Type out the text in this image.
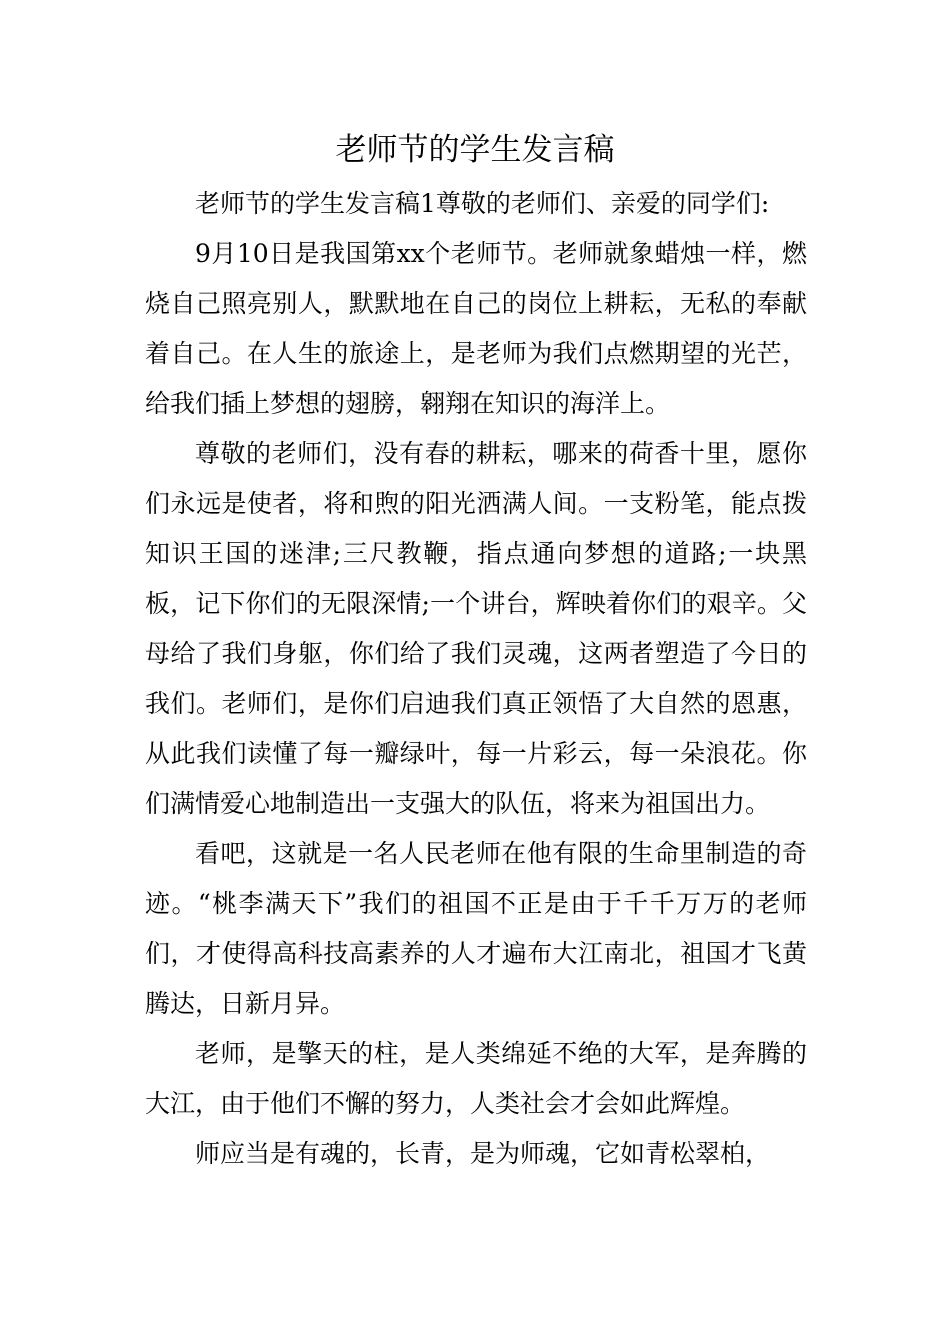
老师节的学生发言稿

老师节的学生发言稿1尊敬的老师们、亲爱的同学们:

9月10日是我国第xx个老师节。老师就象蜡烛一样，燃烧自己照亮别人，默默地在自己的岗位上耕耘，无私的奉献着自己。在人生的旅途上，是老师为我们点燃期望的光芒，给我们插上梦想的翅膀，翱翔在知识的海洋上。

尊敬的老师们，没有春的耕耘，哪来的荷香十里，愿你们永远是使者，将和煦的阳光洒满人间。一支粉笔，能点拨知识王国的迷津;三尺教鞭，指点通向梦想的道路;一块黑板，记下你们的无限深情;一个讲台，辉映着你们的艰辛。父母给了我们身躯，你们给了我们灵魂，这两者塑造了今日的我们。老师们，是你们启迪我们真正领悟了大自然的恩惠，从此我们读懂了每一瓣绿叶，每一片彩云，每一朵浪花。你们满情爱心地制造出一支强大的队伍，将来为祖国出力。

看吧，这就是一名人民老师在他有限的生命里制造的奇迹。“桃李满天下”我们的祖国不正是由于千千万万的老师们，才使得高科技高素养的人才遍布大江南北，祖国才飞黄腾达，日新月异。

老师，是擎天的柱，是人类绵延不绝的大军，是奔腾的大江，由于他们不懈的努力，人类社会才会如此辉煌。

师应当是有魂的，长青，是为师魂，它如青松翠柏，
